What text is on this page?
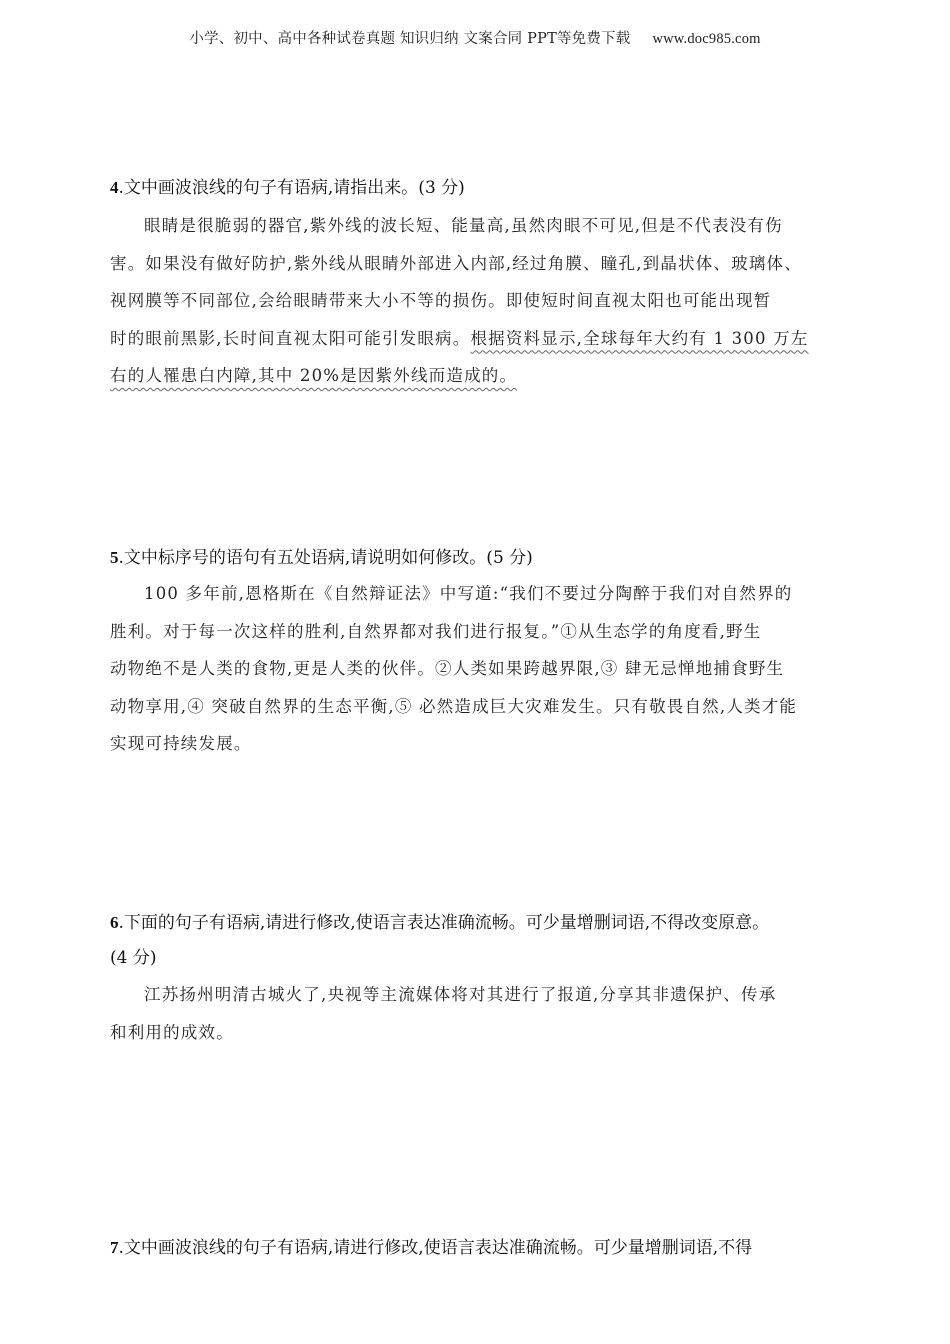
小学、初中、高中各种试卷真题 知识归纳 文案合同 PPT等免费下载 www.doc985.com
4.文中画波浪线的句子有语病,请指出来。(3 分)
眼睛是很脆弱的器官,紫外线的波长短、能量高,虽然肉眼不可见,但是不代表没有伤
害。如果没有做好防护,紫外线从眼睛外部进入内部,经过角膜、瞳孔,到晶状体、玻璃体、
视网膜等不同部位,会给眼睛带来大小不等的损伤。即使短时间直视太阳也可能出现暂
时的眼前黑影,长时间直视太阳可能引发眼病。根据资料显示,全球每年大约有 1 300 万左
右的人罹患白内障,其中 20%是因紫外线而造成的。
5.文中标序号的语句有五处语病,请说明如何修改。(5 分)
100 多年前,恩格斯在《自然辩证法》中写道:“我们不要过分陶醉于我们对自然界的
胜利。对于每一次这样的胜利,自然界都对我们进行报复。”①从生态学的角度看,野生
动物绝不是人类的食物,更是人类的伙伴。②人类如果跨越界限,③ 肆无忌惮地捕食野生
动物享用,④ 突破自然界的生态平衡,⑤ 必然造成巨大灾难发生。只有敬畏自然,人类才能
实现可持续发展。
6.下面的句子有语病,请进行修改,使语言表达准确流畅。可少量增删词语,不得改变原意。
(4 分)
江苏扬州明清古城火了,央视等主流媒体将对其进行了报道,分享其非遗保护、传承
和利用的成效。
7.文中画波浪线的句子有语病,请进行修改,使语言表达准确流畅。可少量增删词语,不得
